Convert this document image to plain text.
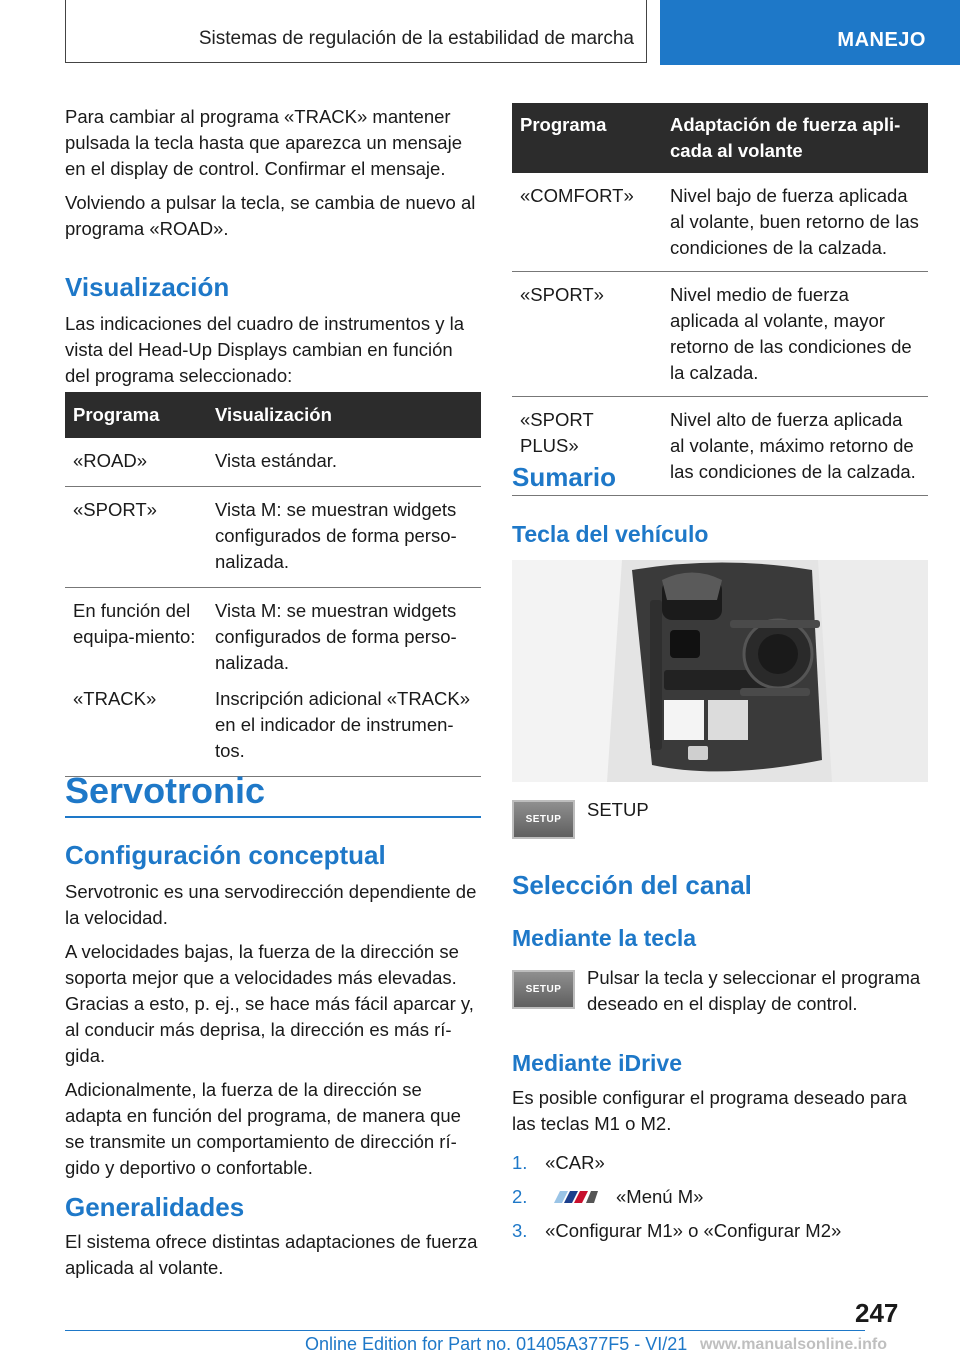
Sistemas de regulación de la estabilidad de marcha	MANEJO

Para cambiar al programa «TRACK» mantener pulsada la tecla hasta que aparezca un mensaje en el display de control. Confirmar el mensaje.

Volviendo a pulsar la tecla, se cambia de nuevo al programa «ROAD».

Visualización

Las indicaciones del cuadro de instrumentos y la vista del Head-Up Displays cambian en función del programa seleccionado:

Programa	Visualización
«ROAD»	Vista estándar.
«SPORT»	Vista M: se muestran widgets configurados de forma perso-nalizada.
En función del equipa-miento:	Vista M: se muestran widgets configurados de forma perso-nalizada.
«TRACK»	Inscripción adicional «TRACK» en el indicador de instrumen-tos.
Servotronic
Configuración conceptual

Servotronic es una servodirección dependiente de la velocidad.

A velocidades bajas, la fuerza de la dirección se soporta mejor que a velocidades más elevadas. Gracias a esto, p. ej., se hace más fácil aparcar y, al conducir más deprisa, la dirección es más rí-gida.

Adicionalmente, la fuerza de la dirección se adapta en función del programa, de manera que se transmite un comportamiento de dirección rí-gido y deportivo o confortable.

Generalidades

El sistema ofrece distintas adaptaciones de fuerza aplicada al volante.

Programa	Adaptación de fuerza apli-cada al volante
«COMFORT»	Nivel bajo de fuerza aplicada al volante, buen retorno de las condiciones de la calzada.
«SPORT»	Nivel medio de fuerza aplicada al volante, mayor retorno de las condiciones de la calzada.
«SPORT PLUS»	Nivel alto de fuerza aplicada al volante, máximo retorno de las condiciones de la calzada.
Sumario
Tecla del vehículo
SETUP SETUP
Selección del canal
Mediante la tecla
SETUP

Pulsar la tecla y seleccionar el programa deseado en el display de control.

Mediante iDrive

Es posible configurar el programa deseado para las teclas M1 o M2.

1. «CAR»
2.	«Menú M»
3. «Configurar M1» o «Configurar M2»
247
Online Edition for Part no. 01405A377F5 - VI/21 www.manualsonline.info
